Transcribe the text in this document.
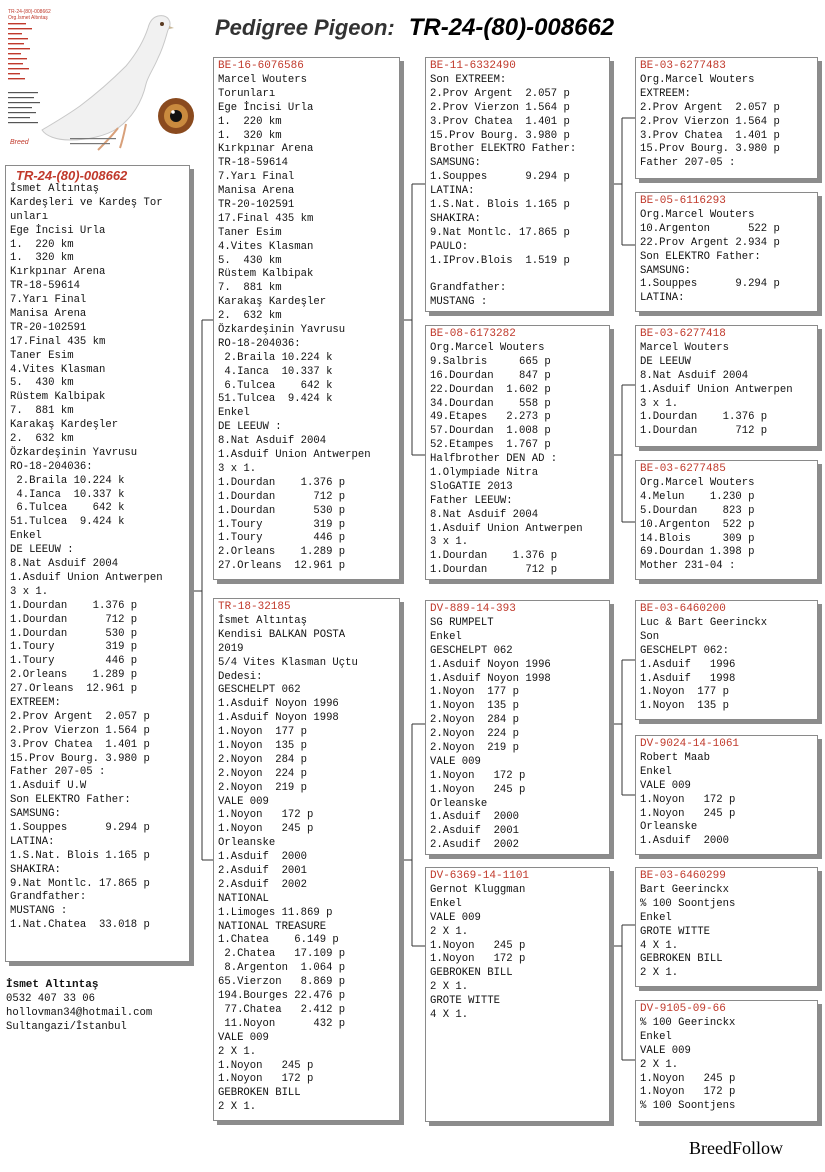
Pedigree Pigeon: TR-24-(80)-008662
TR-24-(80)-008662
Org.İsmet Altıntaş
Breed
TR-24-(80)-008662
İsmet Altıntaş
Kardeşleri ve Kardeş Tor
unları
Ege İncisi Urla
1.  220 km
1.  320 km
Kırkpınar Arena
TR-18-59614
7.Yarı Final
Manisa Arena
TR-20-102591
17.Final 435 km
Taner Esim
4.Vites Klasman
5.  430 km
Rüstem Kalbipak
7.  881 km
Karakaş Kardeşler
2.  632 km
Özkardeşinin Yavrusu
RO-18-204036:
2.Braila 10.224 k
4.Ianca  10.337 k
6.Tulcea    642 k
51.Tulcea  9.424 k
Enkel
DE LEEUW :
8.Nat Asduif 2004
1.Asduif Union Antwerpen
3 x 1.
1.Dourdan    1.376 p
1.Dourdan      712 p
1.Dourdan      530 p
1.Toury        319 p
1.Toury        446 p
2.Orleans    1.289 p
27.Orleans  12.961 p
EXTREEM:
2.Prov Argent  2.057 p
2.Prov Vierzon 1.564 p
3.Prov Chatea  1.401 p
15.Prov Bourg. 3.980 p
Father 207-05 :
1.Asduif U.W
Son ELEKTRO Father:
SAMSUNG:
1.Souppes      9.294 p
LATINA:
1.S.Nat. Blois 1.165 p
SHAKIRA:
9.Nat Montlc. 17.865 p
Grandfather:
MUSTANG :
1.Nat.Chatea  33.018 p
BE-16-6076586
Marcel Wouters
Torunları
Ege İncisi Urla
1.  220 km
1.  320 km
Kırkpınar Arena
TR-18-59614
7.Yarı Final
Manisa Arena
TR-20-102591
17.Final 435 km
Taner Esim
4.Vites Klasman
5.  430 km
Rüstem Kalbipak
7.  881 km
Karakaş Kardeşler
2.  632 km
Özkardeşinin Yavrusu
RO-18-204036:
2.Braila 10.224 k
4.Ianca  10.337 k
6.Tulcea    642 k
51.Tulcea  9.424 k
Enkel
DE LEEUW :
8.Nat Asduif 2004
1.Asduif Union Antwerpen
3 x 1.
1.Dourdan    1.376 p
1.Dourdan      712 p
1.Dourdan      530 p
1.Toury        319 p
1.Toury        446 p
2.Orleans    1.289 p
27.Orleans  12.961 p
TR-18-32185
İsmet Altıntaş
Kendisi BALKAN POSTA
2019
5/4 Vites Klasman Uçtu
Dedesi:
GESCHELPT 062
1.Asduif Noyon 1996
1.Asduif Noyon 1998
1.Noyon  177 p
1.Noyon  135 p
2.Noyon  284 p
2.Noyon  224 p
2.Noyon  219 p
VALE 009
1.Noyon   172 p
1.Noyon   245 p
Orleanske
1.Asduif  2000
2.Asduif  2001
2.Asduif  2002
NATIONAL
1.Limoges 11.869 p
NATIONAL TREASURE
1.Chatea    6.149 p
2.Chatea   17.109 p
8.Argenton  1.064 p
65.Vierzon   8.869 p
194.Bourges 22.476 p
77.Chatea   2.412 p
11.Noyon      432 p
VALE 009
2 X 1.
1.Noyon   245 p
1.Noyon   172 p
GEBROKEN BILL
2 X 1.
BE-11-6332490
Son EXTREEM:
2.Prov Argent  2.057 p
2.Prov Vierzon 1.564 p
3.Prov Chatea  1.401 p
15.Prov Bourg. 3.980 p
Brother ELEKTRO Father:
SAMSUNG:
1.Souppes      9.294 p
LATINA:
1.S.Nat. Blois 1.165 p
SHAKIRA:
9.Nat Montlc. 17.865 p
PAULO:
1.IProv.Blois  1.519 p
Grandfather:
MUSTANG :
BE-08-6173282
Org.Marcel Wouters
9.Salbris     665 p
16.Dourdan    847 p
22.Dourdan  1.602 p
34.Dourdan    558 p
49.Etapes   2.273 p
57.Dourdan  1.008 p
52.Etampes  1.767 p
Halfbrother DEN AD :
1.Olympiade Nitra
SloGATIE 2013
Father LEEUW:
8.Nat Asduif 2004
1.Asduif Union Antwerpen
3 x 1.
1.Dourdan    1.376 p
1.Dourdan      712 p
DV-889-14-393
SG RUMPELT
Enkel
GESCHELPT 062
1.Asduif Noyon 1996
1.Asduif Noyon 1998
1.Noyon  177 p
1.Noyon  135 p
2.Noyon  284 p
2.Noyon  224 p
2.Noyon  219 p
VALE 009
1.Noyon   172 p
1.Noyon   245 p
Orleanske
1.Asduif  2000
2.Asduif  2001
2.Asudif  2002
DV-6369-14-1101
Gernot Kluggman
Enkel
VALE 009
2 X 1.
1.Noyon   245 p
1.Noyon   172 p
GEBROKEN BILL
2 X 1.
GROTE WITTE
4 X 1.
BE-03-6277483
Org.Marcel Wouters
EXTREEM:
2.Prov Argent  2.057 p
2.Prov Vierzon 1.564 p
3.Prov Chatea  1.401 p
15.Prov Bourg. 3.980 p
Father 207-05 :
BE-05-6116293
Org.Marcel Wouters
10.Argenton      522 p
22.Prov Argent 2.934 p
Son ELEKTRO Father:
SAMSUNG:
1.Souppes      9.294 p
LATINA:
BE-03-6277418
Marcel Wouters
DE LEEUW
8.Nat Asduif 2004
1.Asduif Union Antwerpen
3 x 1.
1.Dourdan    1.376 p
1.Dourdan      712 p
BE-03-6277485
Org.Marcel Wouters
4.Melun    1.230 p
5.Dourdan    823 p
10.Argenton  522 p
14.Blois     309 p
69.Dourdan 1.398 p
Mother 231-04 :
BE-03-6460200
Luc & Bart Geerinckx
Son
GESCHELPT 062:
1.Asduif   1996
1.Asduif   1998
1.Noyon  177 p
1.Noyon  135 p
DV-9024-14-1061
Robert Maab
Enkel
VALE 009
1.Noyon   172 p
1.Noyon   245 p
Orleanske
1.Asduif  2000
BE-03-6460299
Bart Geerinckx
% 100 Soontjens
Enkel
GROTE WITTE
4 X 1.
GEBROKEN BILL
2 X 1.
DV-9105-09-66
% 100 Geerinckx
Enkel
VALE 009
2 X 1.
1.Noyon   245 p
1.Noyon   172 p
% 100 Soontjens
İsmet Altıntaş
0532 407 33 06
hollovman34@hotmail.com
Sultangazi/İstanbul
BreedFollow
